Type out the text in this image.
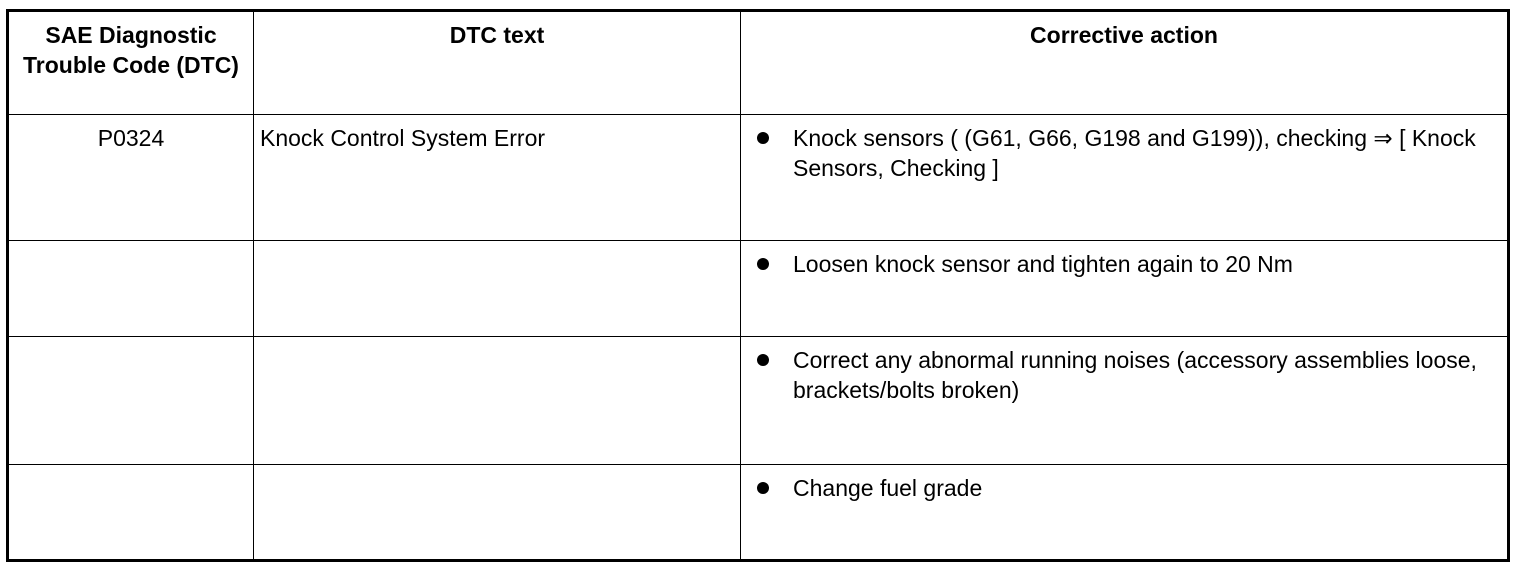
SAE Diagnostic Trouble Code (DTC)	DTC text	Corrective action
P0324	Knock Control System Error	Knock sensors ( (G61, G66, G198 and G199)), checking ⇒ [ Knock Sensors, Checking ]

		Loosen knock sensor and tighten again to 20 Nm

		Correct any abnormal running noises (accessory assemblies loose, brackets/bolts broken)

		Change fuel grade
